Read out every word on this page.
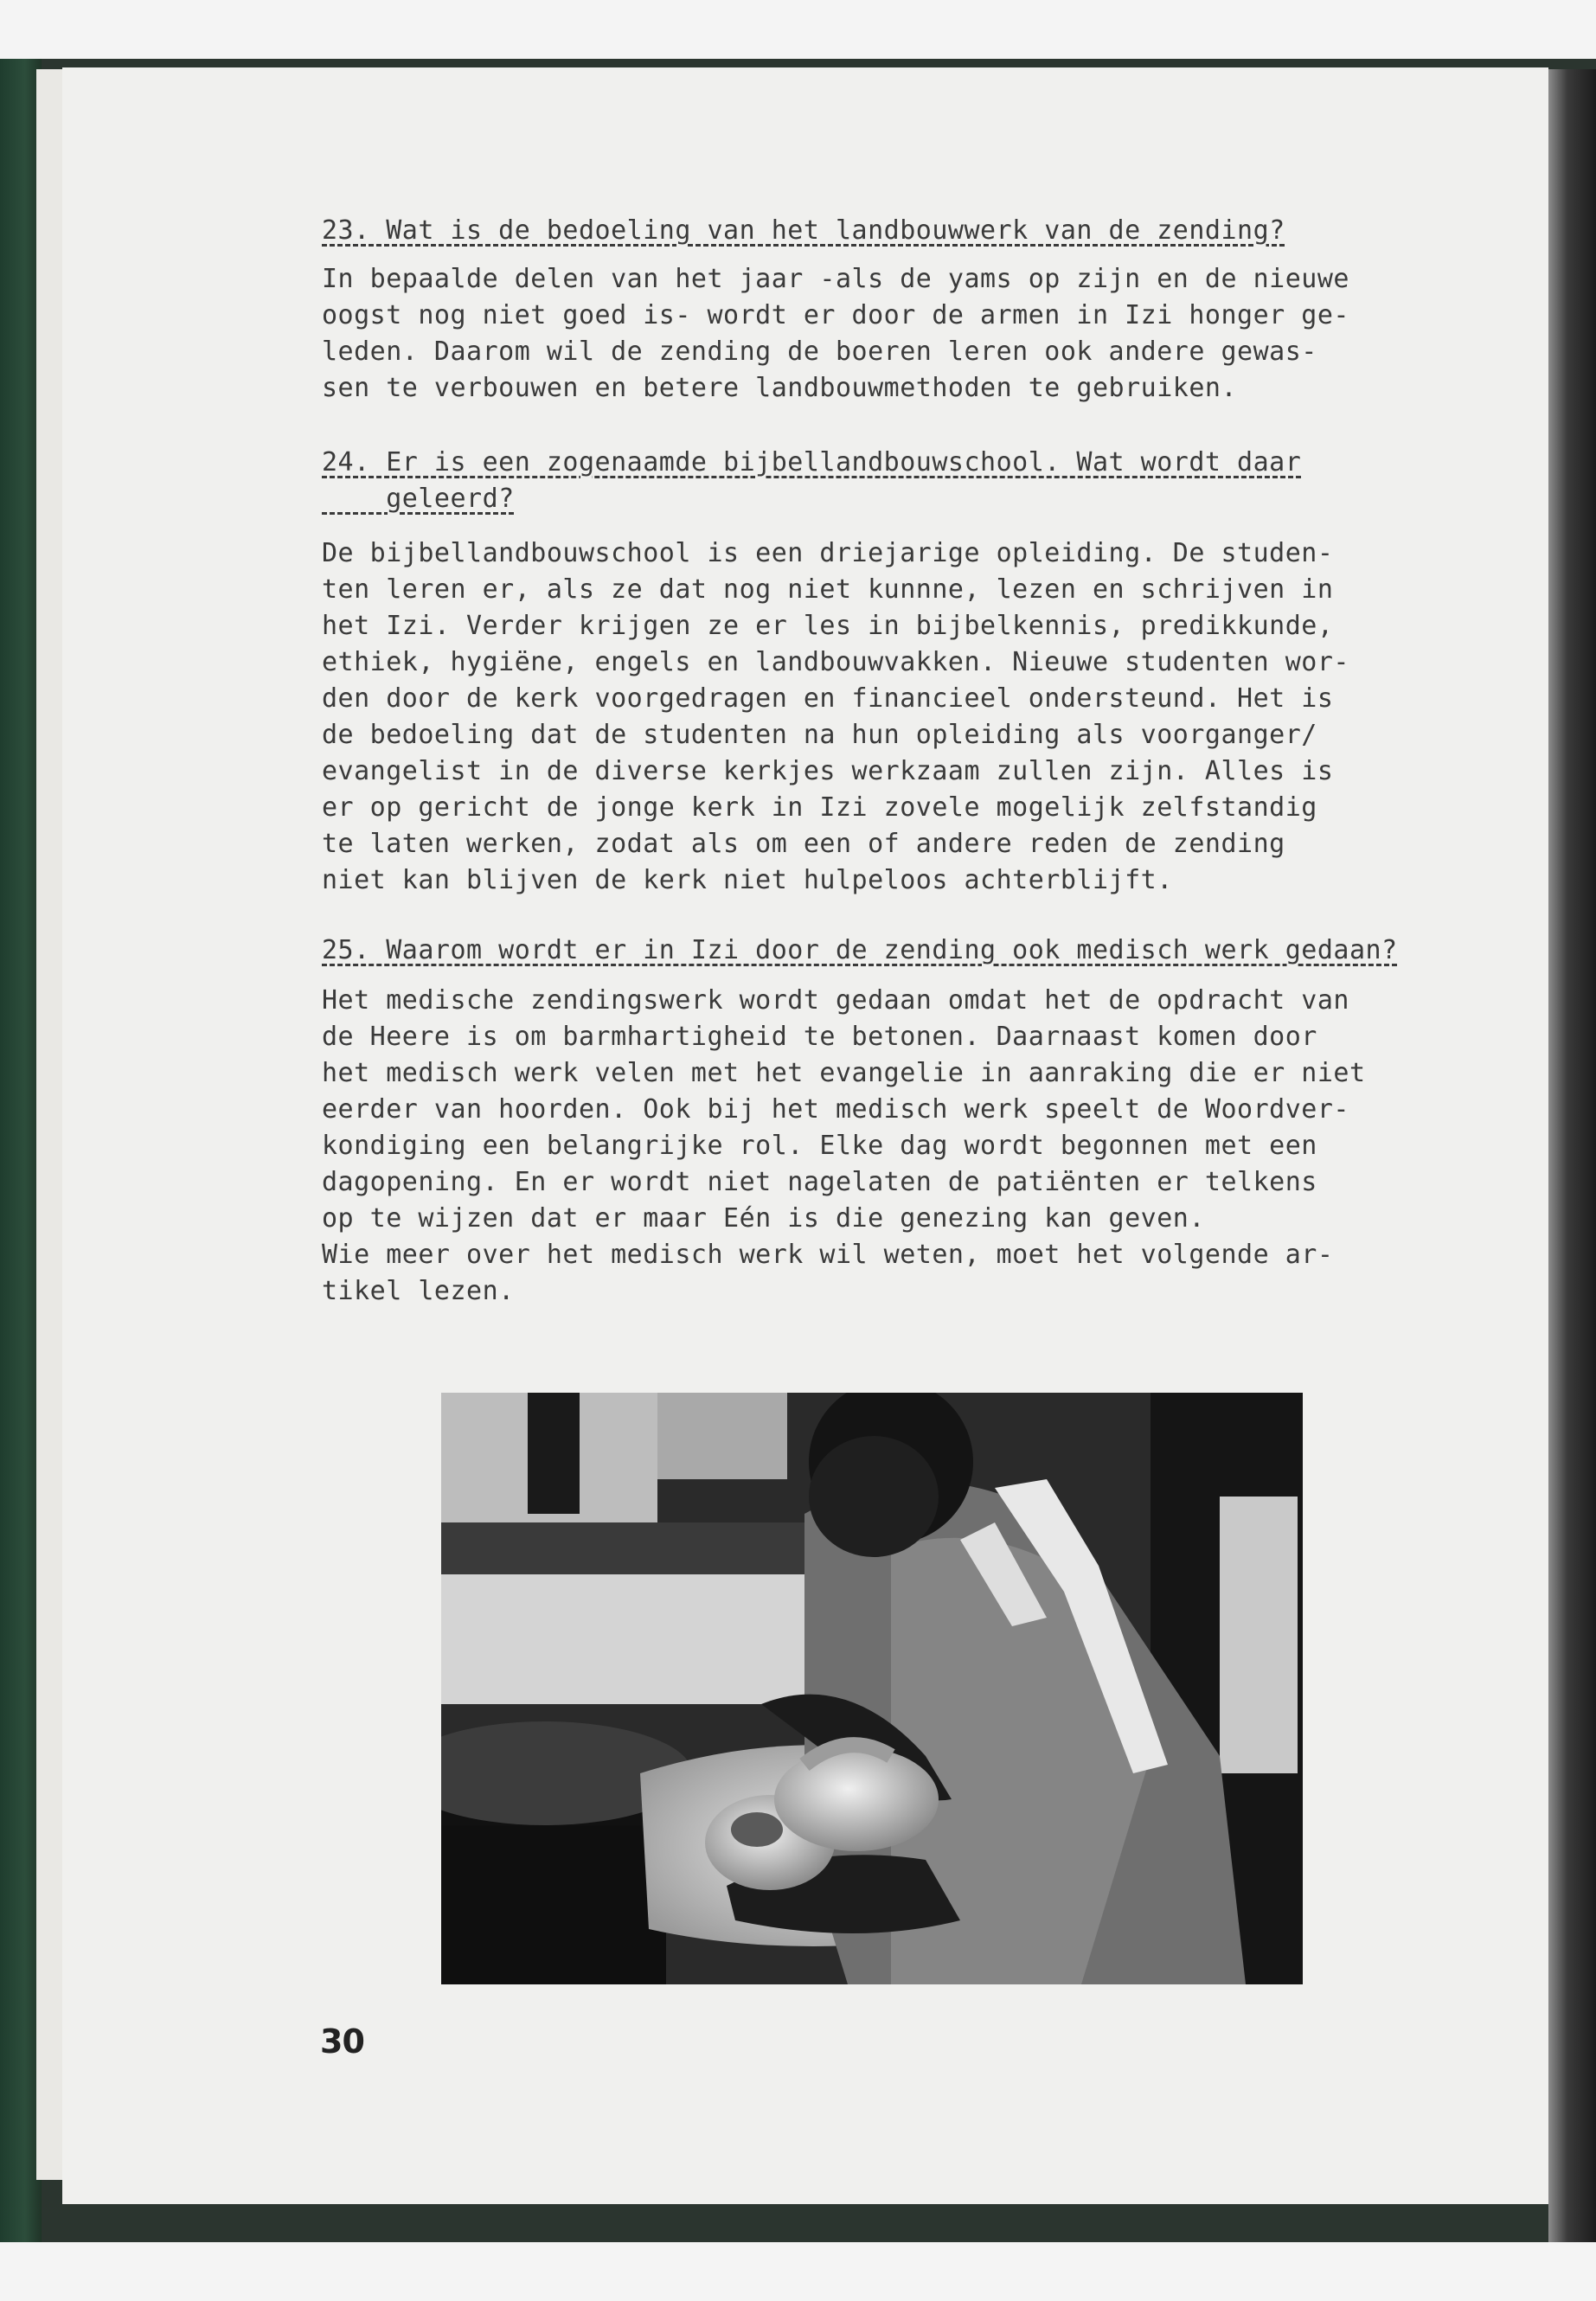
23. Wat is de bedoeling van het landbouwwerk van de zending?
In bepaalde delen van het jaar -als de yams op zijn en de nieuwe
oogst nog niet goed is- wordt er door de armen in Izi honger ge-
leden. Daarom wil de zending de boeren leren ook andere gewas-
sen te verbouwen en betere landbouwmethoden te gebruiken.
24. Er is een zogenaamde bijbellandbouwschool. Wat wordt daar
geleerd?
De bijbellandbouwschool is een driejarige opleiding. De studen-
ten leren er, als ze dat nog niet kunnne, lezen en schrijven in
het Izi. Verder krijgen ze er les in bijbelkennis, predikkunde,
ethiek, hygiëne, engels en landbouwvakken. Nieuwe studenten wor-
den door de kerk voorgedragen en financieel ondersteund. Het is
de bedoeling dat de studenten na hun opleiding als voorganger/
evangelist in de diverse kerkjes werkzaam zullen zijn. Alles is
er op gericht de jonge kerk in Izi zovele mogelijk zelfstandig
te laten werken, zodat als om een of andere reden de zending
niet kan blijven de kerk niet hulpeloos achterblijft.
25. Waarom wordt er in Izi door de zending ook medisch werk gedaan?
Het medische zendingswerk wordt gedaan omdat het de opdracht van
de Heere is om barmhartigheid te betonen. Daarnaast komen door
het medisch werk velen met het evangelie in aanraking die er niet
eerder van hoorden. Ook bij het medisch werk speelt de Woordver-
kondiging een belangrijke rol. Elke dag wordt begonnen met een
dagopening. En er wordt niet nagelaten de patiënten er telkens
op te wijzen dat er maar Eén is die genezing kan geven.
Wie meer over het medisch werk wil weten, moet het volgende ar-
tikel lezen.
30
